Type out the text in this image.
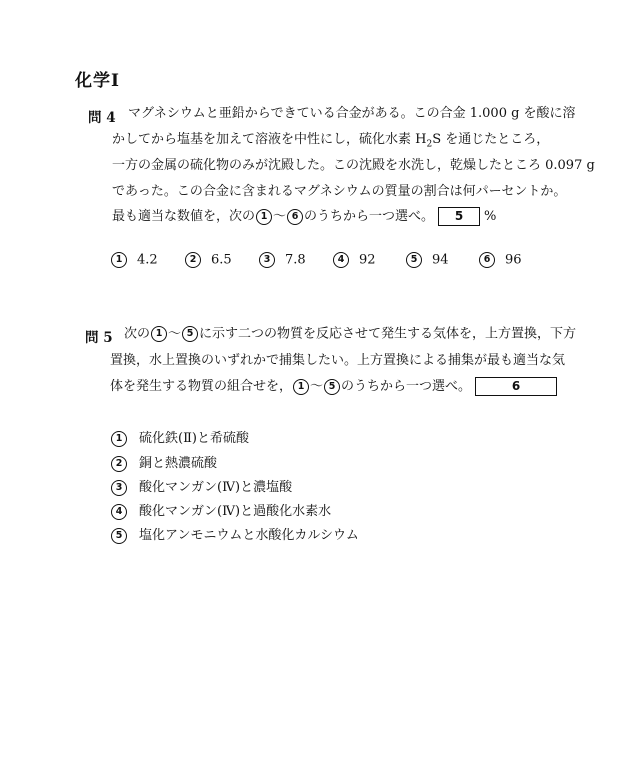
化学Ⅰ
問 4 マグネシウムと亜鉛からできている合金がある。この合金 1.000 g を酸に溶
かしてから塩基を加えて溶液を中性にし，硫化水素 $H_2S$ を通じたところ，
一方の金属の硫化物のみが沈殿した。この沈殿を水洗し，乾燥したところ 0.097 g
であった。この合金に含まれるマグネシウムの質量の割合は何パーセントか。
最も適当な数値を，次の 1 ～ 6 のうちから一つ選べ。 5 %
1 4.2	2 6.5	3 7.8	4 92	5 94	6 96
問 5 次の 1 ～ 5 に示す二つの物質を反応させて発生する気体を，上方置換，下方
置換，水上置換のいずれかで捕集したい。上方置換による捕集が最も適当な気
体を発生する物質の組合せを， 1 ～ 5 のうちから一つ選べ。	6
1 硫化鉄(Ⅱ)と希硫酸
2 銅と熱濃硫酸
3 酸化マンガン(Ⅳ)と濃塩酸
4 酸化マンガン(Ⅳ)と過酸化水素水
5 塩化アンモニウムと水酸化カルシウム
